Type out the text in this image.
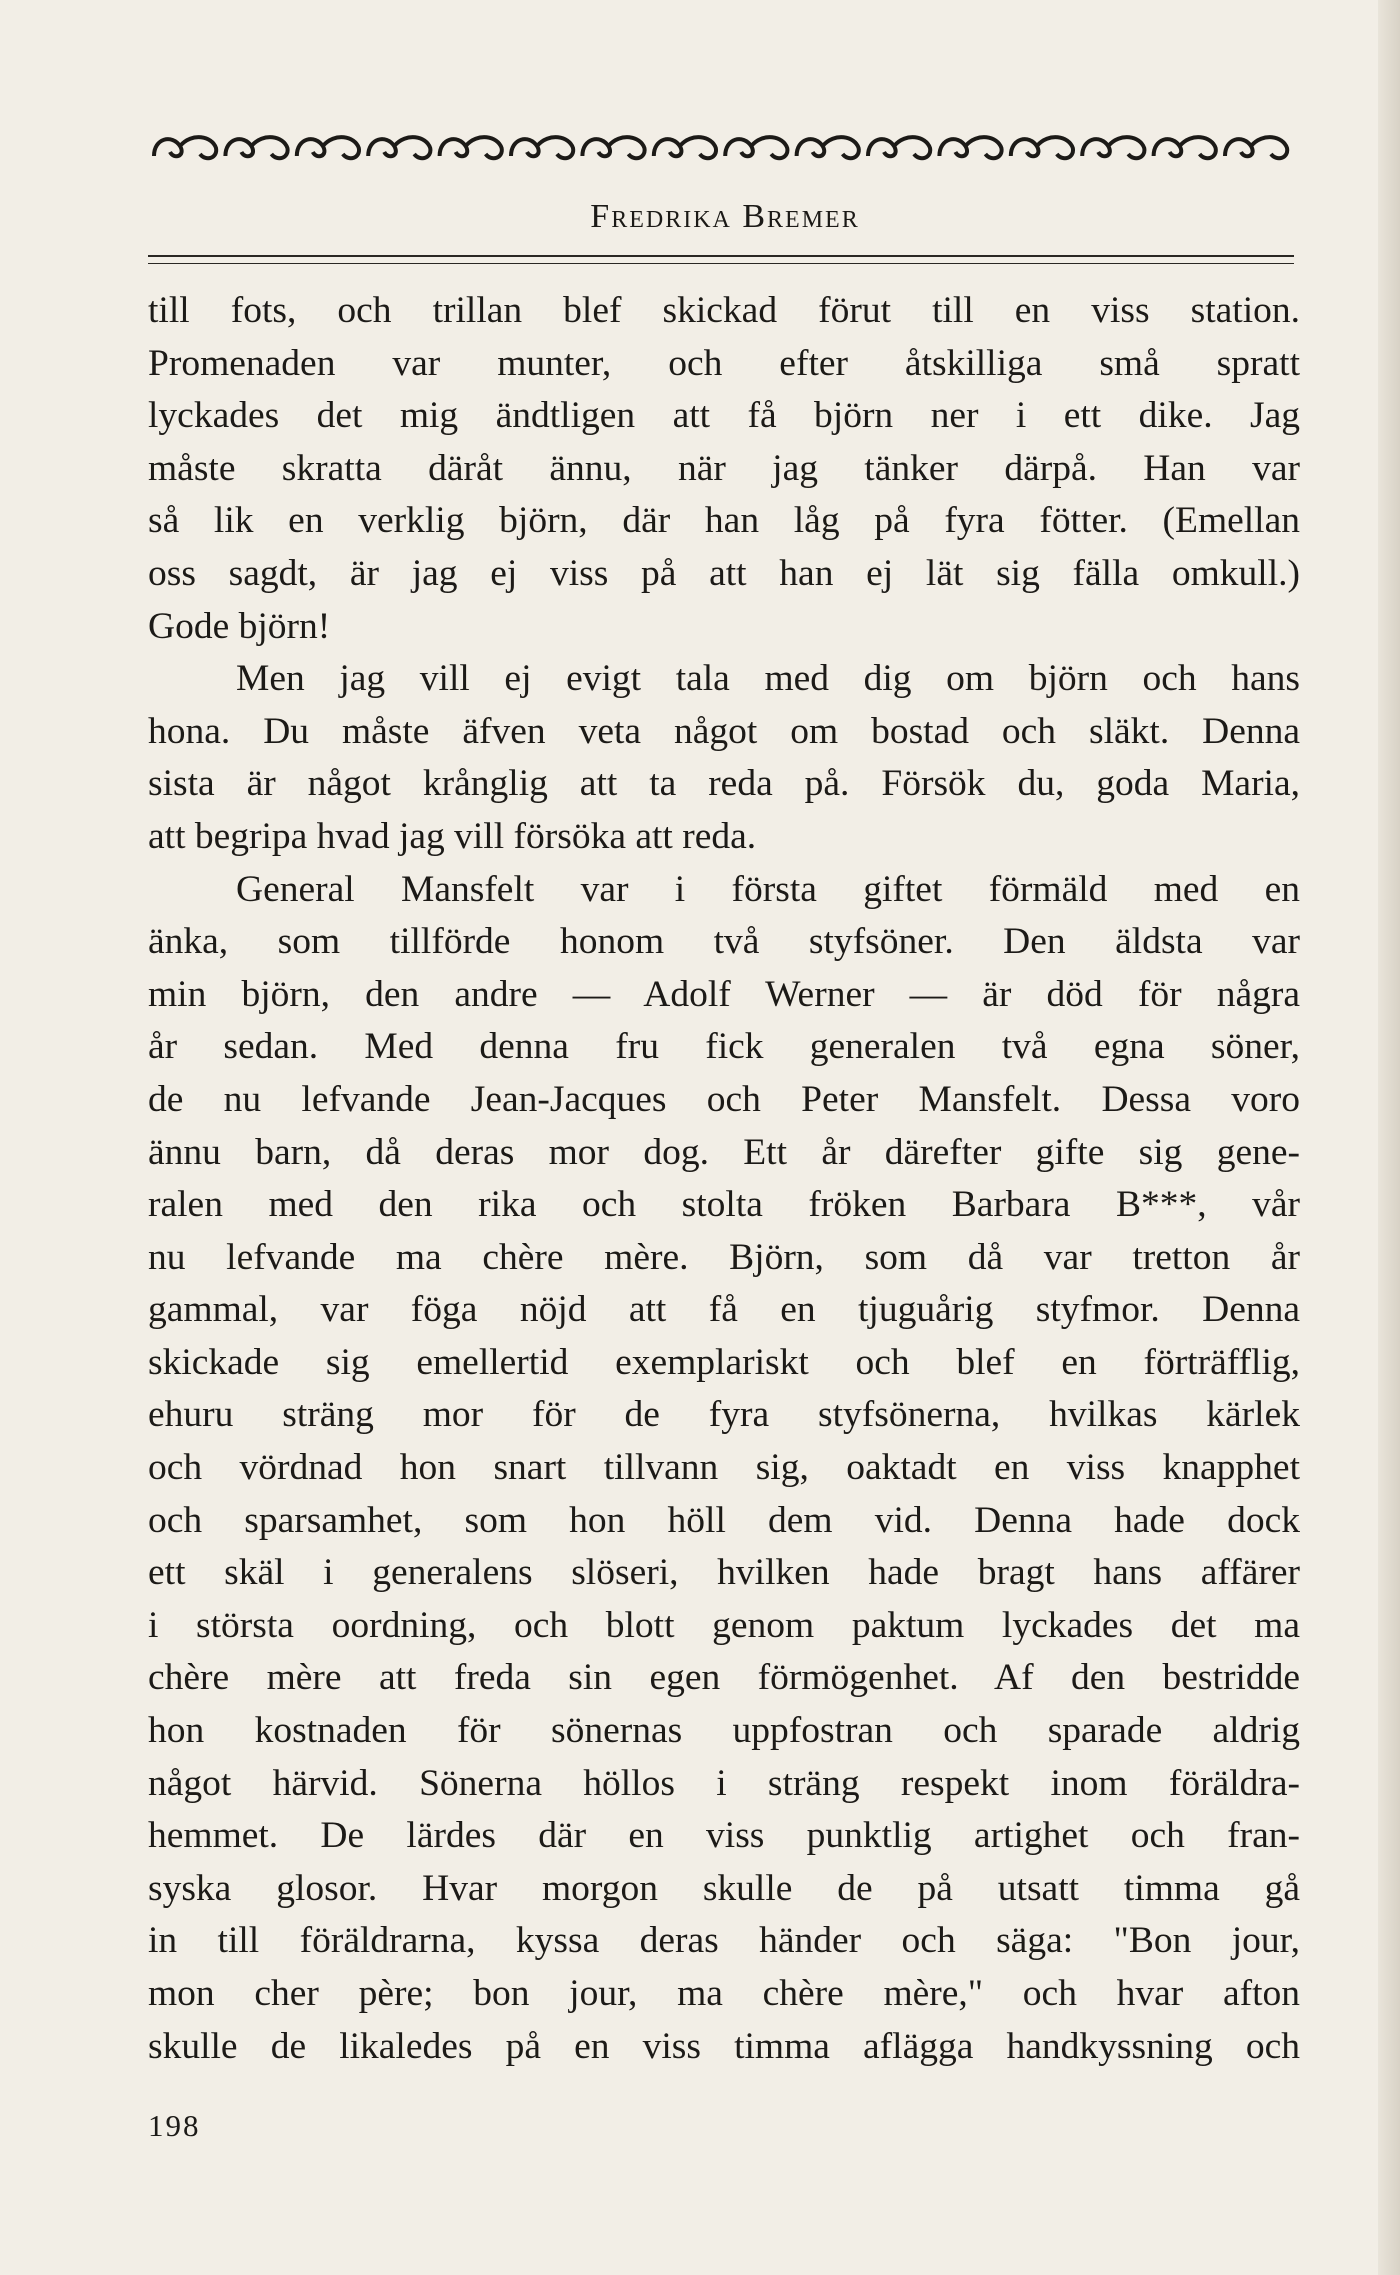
Fredrika Bremer
till fots, och trillan blef skickad förut till en viss station.
Promenaden var munter, och efter åtskilliga små spratt
lyckades det mig ändtligen att få björn ner i ett dike. Jag
måste skratta däråt ännu, när jag tänker därpå. Han var
så lik en verklig björn, där han låg på fyra fötter. (Emellan
oss sagdt, är jag ej viss på att han ej lät sig fälla omkull.)
Gode björn!
Men jag vill ej evigt tala med dig om björn och hans
hona. Du måste äfven veta något om bostad och släkt. Denna
sista är något krånglig att ta reda på. Försök du, goda Maria,
att begripa hvad jag vill försöka att reda.
General Mansfelt var i första giftet förmäld med en
änka, som tillförde honom två styfsöner. Den äldsta var
min björn, den andre — Adolf Werner — är död för några
år sedan. Med denna fru fick generalen två egna söner,
de nu lefvande Jean-Jacques och Peter Mansfelt. Dessa voro
ännu barn, då deras mor dog. Ett år därefter gifte sig gene-
ralen med den rika och stolta fröken Barbara B***, vår
nu lefvande ma chère mère. Björn, som då var tretton år
gammal, var föga nöjd att få en tjuguårig styfmor. Denna
skickade sig emellertid exemplariskt och blef en förträfflig,
ehuru sträng mor för de fyra styfsönerna, hvilkas kärlek
och vördnad hon snart tillvann sig, oaktadt en viss knapphet
och sparsamhet, som hon höll dem vid. Denna hade dock
ett skäl i generalens slöseri, hvilken hade bragt hans affärer
i största oordning, och blott genom paktum lyckades det ma
chère mère att freda sin egen förmögenhet. Af den bestridde
hon kostnaden för sönernas uppfostran och sparade aldrig
något härvid. Sönerna höllos i sträng respekt inom föräldra-
hemmet. De lärdes där en viss punktlig artighet och fran-
syska glosor. Hvar morgon skulle de på utsatt timma gå
in till föräldrarna, kyssa deras händer och säga: "Bon jour,
mon cher père; bon jour, ma chère mère," och hvar afton
skulle de likaledes på en viss timma aflägga handkyssning och
198
